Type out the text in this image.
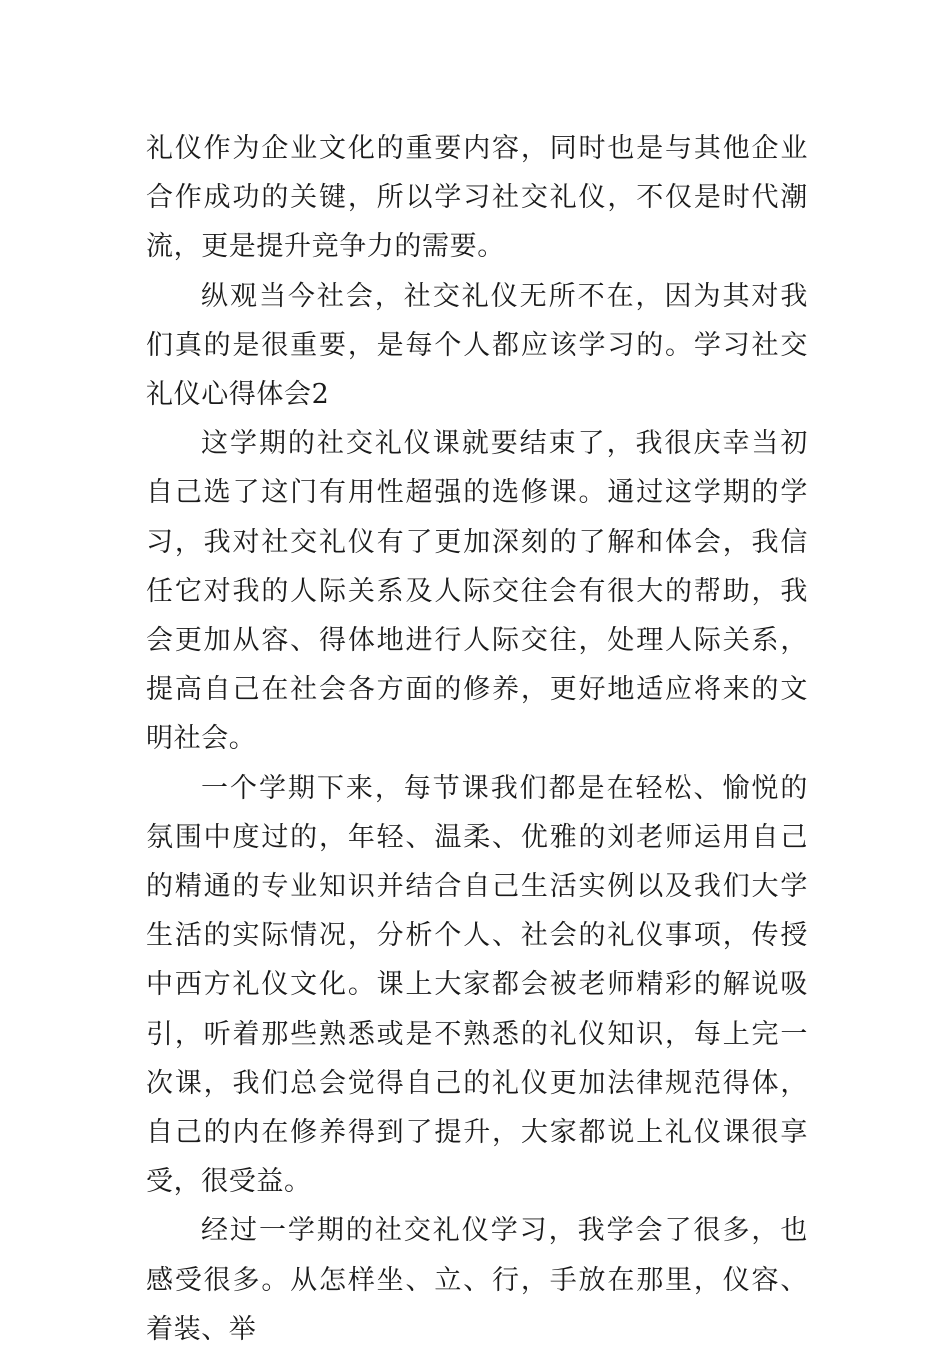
礼仪作为企业文化的重要内容，同时也是与其他企业合作成功的关键，所以学习社交礼仪，不仅是时代潮流，更是提升竞争力的需要。

纵观当今社会，社交礼仪无所不在，因为其对我们真的是很重要，是每个人都应该学习的。学习社交礼仪心得体会2

这学期的社交礼仪课就要结束了，我很庆幸当初自己选了这门有用性超强的选修课。通过这学期的学习，我对社交礼仪有了更加深刻的了解和体会，我信任它对我的人际关系及人际交往会有很大的帮助，我会更加从容、得体地进行人际交往，处理人际关系，提高自己在社会各方面的修养，更好地适应将来的文明社会。

一个学期下来，每节课我们都是在轻松、愉悦的氛围中度过的，年轻、温柔、优雅的刘老师运用自己的精通的专业知识并结合自己生活实例以及我们大学生活的实际情况，分析个人、社会的礼仪事项，传授中西方礼仪文化。课上大家都会被老师精彩的解说吸引，听着那些熟悉或是不熟悉的礼仪知识，每上完一次课，我们总会觉得自己的礼仪更加法律规范得体，自己的内在修养得到了提升，大家都说上礼仪课很享受，很受益。

经过一学期的社交礼仪学习，我学会了很多，也感受很多。从怎样坐、立、行，手放在那里，仪容、着装、举
